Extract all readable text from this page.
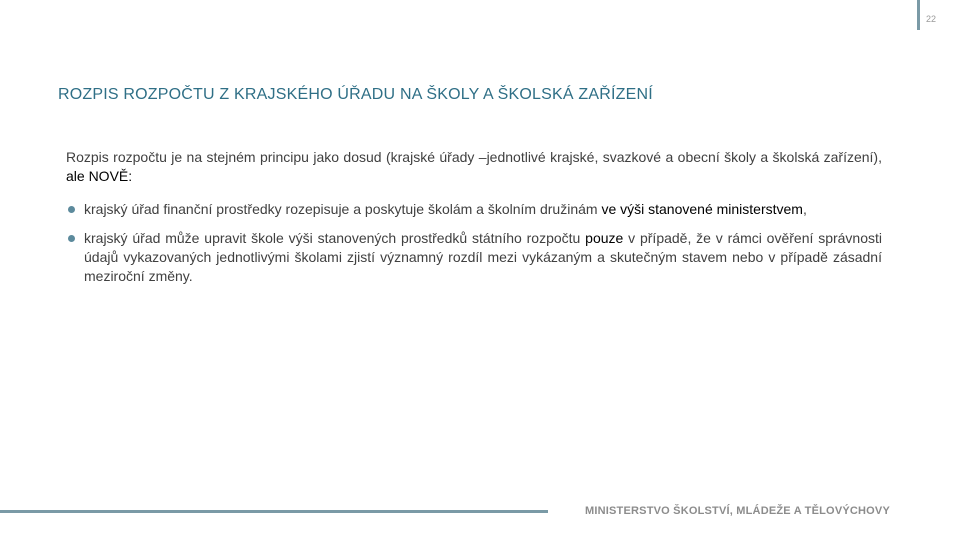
22
ROZPIS ROZPOČTU Z KRAJSKÉHO ÚŘADU NA ŠKOLY A ŠKOLSKÁ ZAŘÍZENÍ

Rozpis rozpočtu je na stejném principu jako dosud (krajské úřady –jednotlivé krajské, svazkové a obecní školy a školská zařízení), ale NOVĚ:

krajský úřad finanční prostředky rozepisuje a poskytuje školám a školním družinám ve výši stanovené ministerstvem,
krajský úřad může upravit škole výši stanovených prostředků státního rozpočtu pouze v případě, že v rámci ověření správnosti údajů vykazovaných jednotlivými školami zjistí významný rozdíl mezi vykázaným a skutečným stavem nebo v případě zásadní meziroční změny.
MINISTERSTVO ŠKOLSTVÍ, MLÁDEŽE A TĚLOVÝCHOVY
